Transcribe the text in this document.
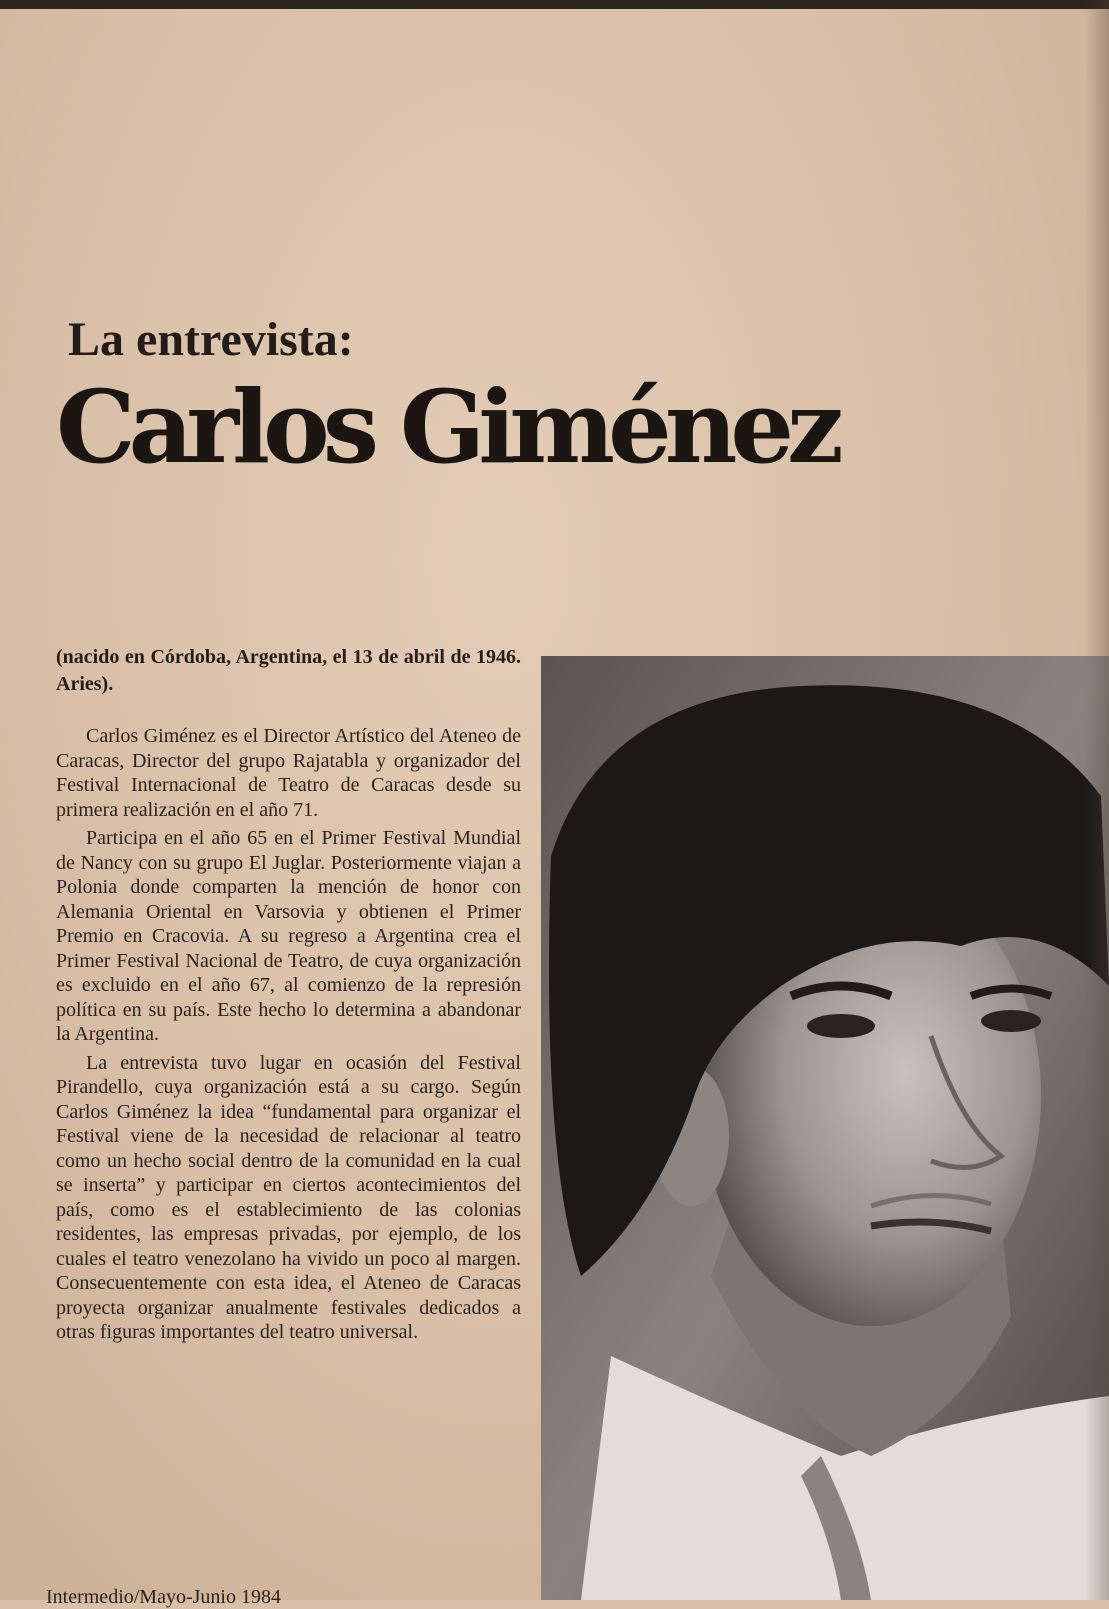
La entrevista:
Carlos Giménez

(nacido en Córdoba, Argentina, el 13 de abril de 1946. Aries).

Carlos Giménez es el Director Artístico del Ateneo de Caracas, Director del grupo Rajatabla y organizador del Festival Internacional de Teatro de Caracas desde su primera realización en el año 71.

Participa en el año 65 en el Primer Festival Mundial de Nancy con su grupo El Juglar. Posteriormente viajan a Polonia donde comparten la mención de honor con Alemania Oriental en Varsovia y obtienen el Primer Premio en Cracovia. A su regreso a Argentina crea el Primer Festival Nacional de Teatro, de cuya organización es excluido en el año 67, al comienzo de la represión política en su país. Este hecho lo determina a abandonar la Argentina.

La entrevista tuvo lugar en ocasión del Festival Pirandello, cuya organización está a su cargo. Según Carlos Giménez la idea “fundamental para organizar el Festival viene de la necesidad de relacionar al teatro como un hecho social dentro de la comunidad en la cual se inserta” y participar en ciertos acontecimientos del país, como es el establecimiento de las colonias residentes, las empresas privadas, por ejemplo, de los cuales el teatro venezolano ha vivido un poco al margen. Consecuentemente con esta idea, el Ateneo de Caracas proyecta organizar anualmente festivales dedicados a otras figuras importantes del teatro universal.

Intermedio/Mayo-Junio 1984
